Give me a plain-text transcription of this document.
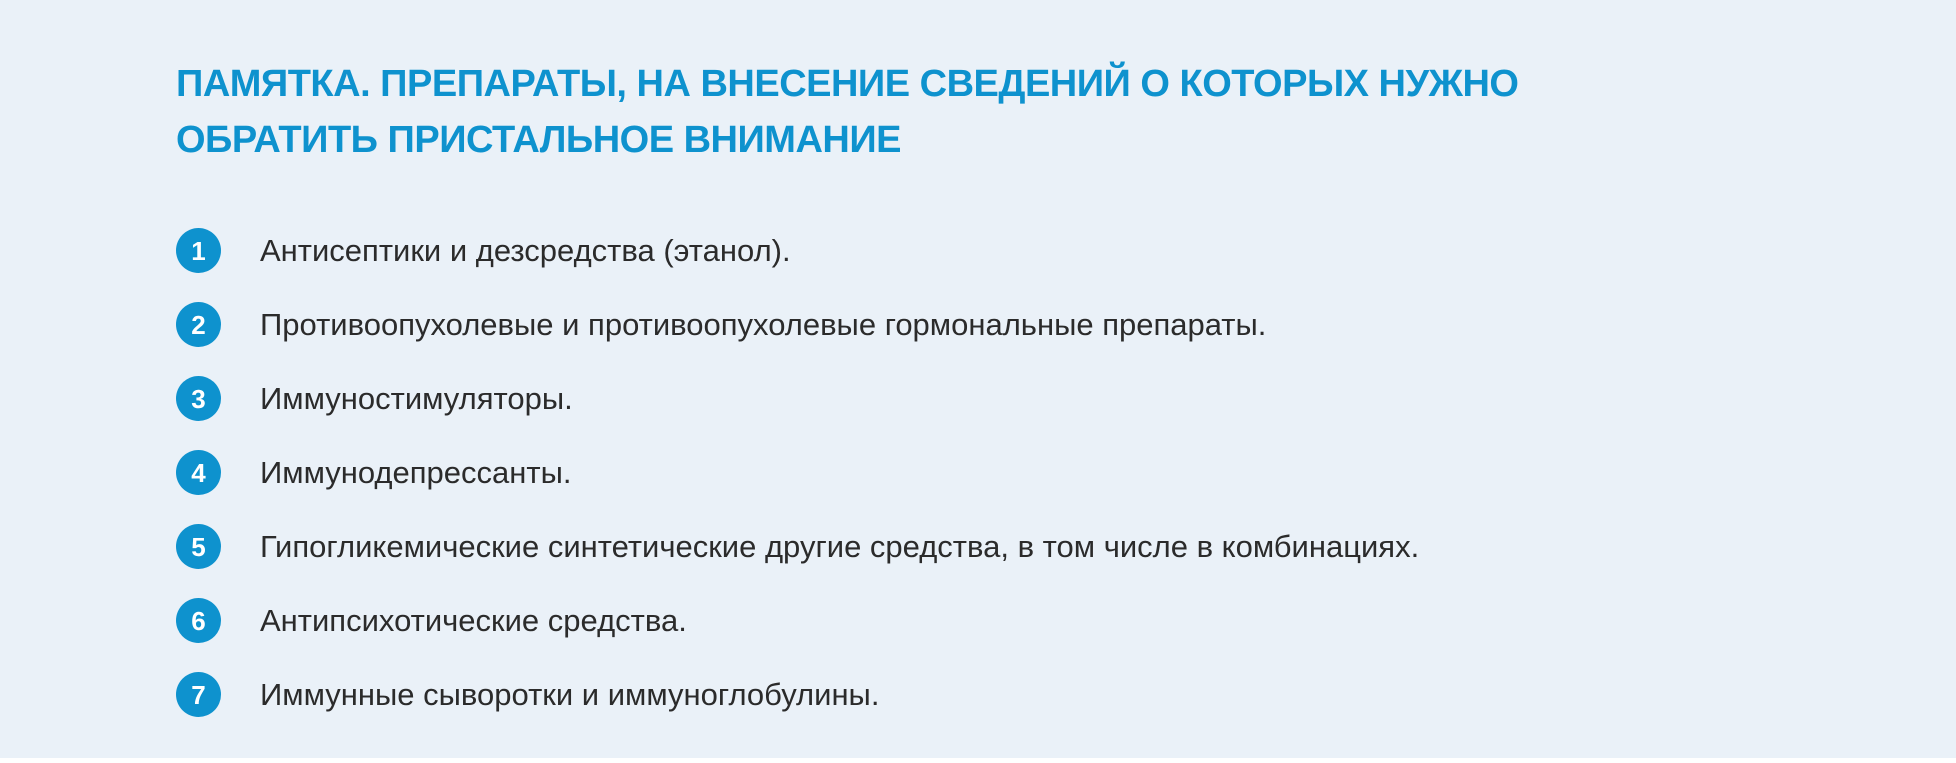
ПАМЯТКА. ПРЕПАРАТЫ, НА ВНЕСЕНИЕ СВЕДЕНИЙ О КОТОРЫХ НУЖНО
ОБРАТИТЬ ПРИСТАЛЬНОЕ ВНИМАНИЕ
1	Антисептики и дезсредства (этанол).
2	Противоопухолевые и противоопухолевые гормональные препараты.
3	Иммуностимуляторы.
4	Иммунодепрессанты.
5	Гипогликемические синтетические другие средства, в том числе в комбинациях.
6	Антипсихотические средства.
7	Иммунные сыворотки и иммуноглобулины.
